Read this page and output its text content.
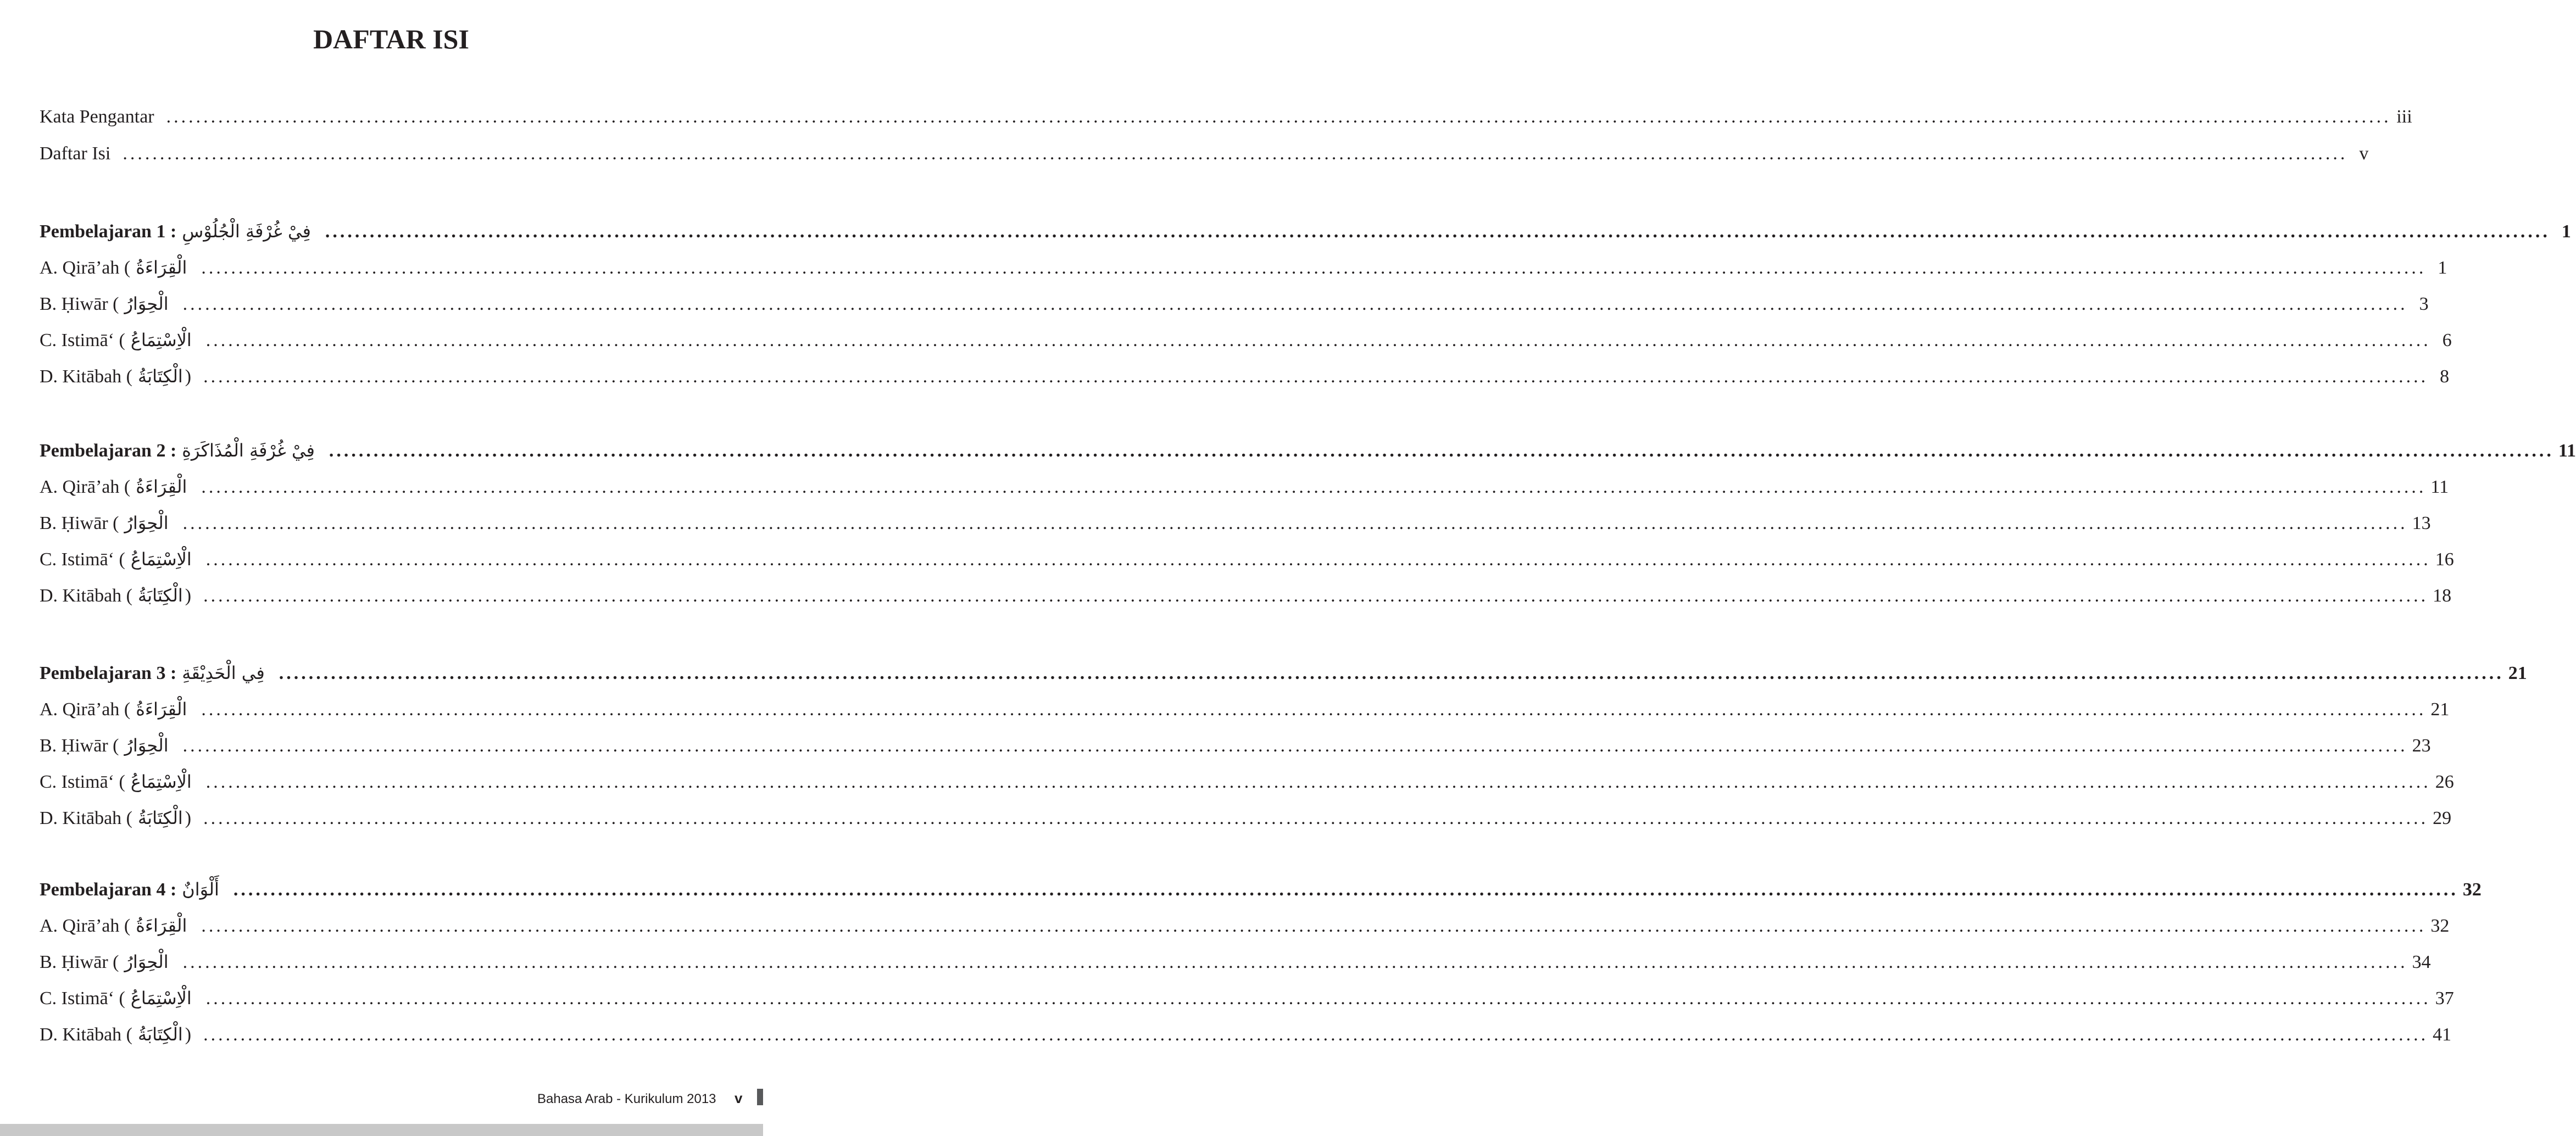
DAFTAR ISI
Kata Pengantar ............................................................................................................................................................................................................................................................................................................ iii
Daftar Isi ............................................................................................................................................................................................................................................................................................................ v
Pembelajaran 1 : فِيْ غُرْفَةِ الْجُلُوْسِ ............................................................................................................................................................................................................................................................................................................ 1
A. Qirā’ah ( الْقِرَاءَةُ ............................................................................................................................................................................................................................................................................................................ 1
B. Ḥiwār ( الْحِوَارُ ............................................................................................................................................................................................................................................................................................................ 3
C. Istimā‘ ( الْاِسْتِمَاعُ ............................................................................................................................................................................................................................................................................................................ 6
D. Kitābah ( الْكِتَابَةُ ) ............................................................................................................................................................................................................................................................................................................ 8
Pembelajaran 2 : فِيْ غُرْفَةِ الْمُذَاكَرَةِ ............................................................................................................................................................................................................................................................................................................ 11
A. Qirā’ah ( الْقِرَاءَةُ ............................................................................................................................................................................................................................................................................................................ 11
B. Ḥiwār ( الْحِوَارُ ............................................................................................................................................................................................................................................................................................................ 13
C. Istimā‘ ( الْاِسْتِمَاعُ ............................................................................................................................................................................................................................................................................................................ 16
D. Kitābah ( الْكِتَابَةُ ) ............................................................................................................................................................................................................................................................................................................ 18
Pembelajaran 3 : فِي الْحَدِيْقَةِ ............................................................................................................................................................................................................................................................................................................ 21
A. Qirā’ah ( الْقِرَاءَةُ ............................................................................................................................................................................................................................................................................................................ 21
B. Ḥiwār ( الْحِوَارُ ............................................................................................................................................................................................................................................................................................................ 23
C. Istimā‘ ( الْاِسْتِمَاعُ ............................................................................................................................................................................................................................................................................................................ 26
D. Kitābah ( الْكِتَابَةُ ) ............................................................................................................................................................................................................................................................................................................ 29
Pembelajaran 4 : أَلْوَانٌ ............................................................................................................................................................................................................................................................................................................ 32
A. Qirā’ah ( الْقِرَاءَةُ ............................................................................................................................................................................................................................................................................................................ 32
B. Ḥiwār ( الْحِوَارُ ............................................................................................................................................................................................................................................................................................................ 34
C. Istimā‘ ( الْاِسْتِمَاعُ ............................................................................................................................................................................................................................................................................................................ 37
D. Kitābah ( الْكِتَابَةُ ) ............................................................................................................................................................................................................................................................................................................ 41
Bahasa Arab - Kurikulum 2013 v
